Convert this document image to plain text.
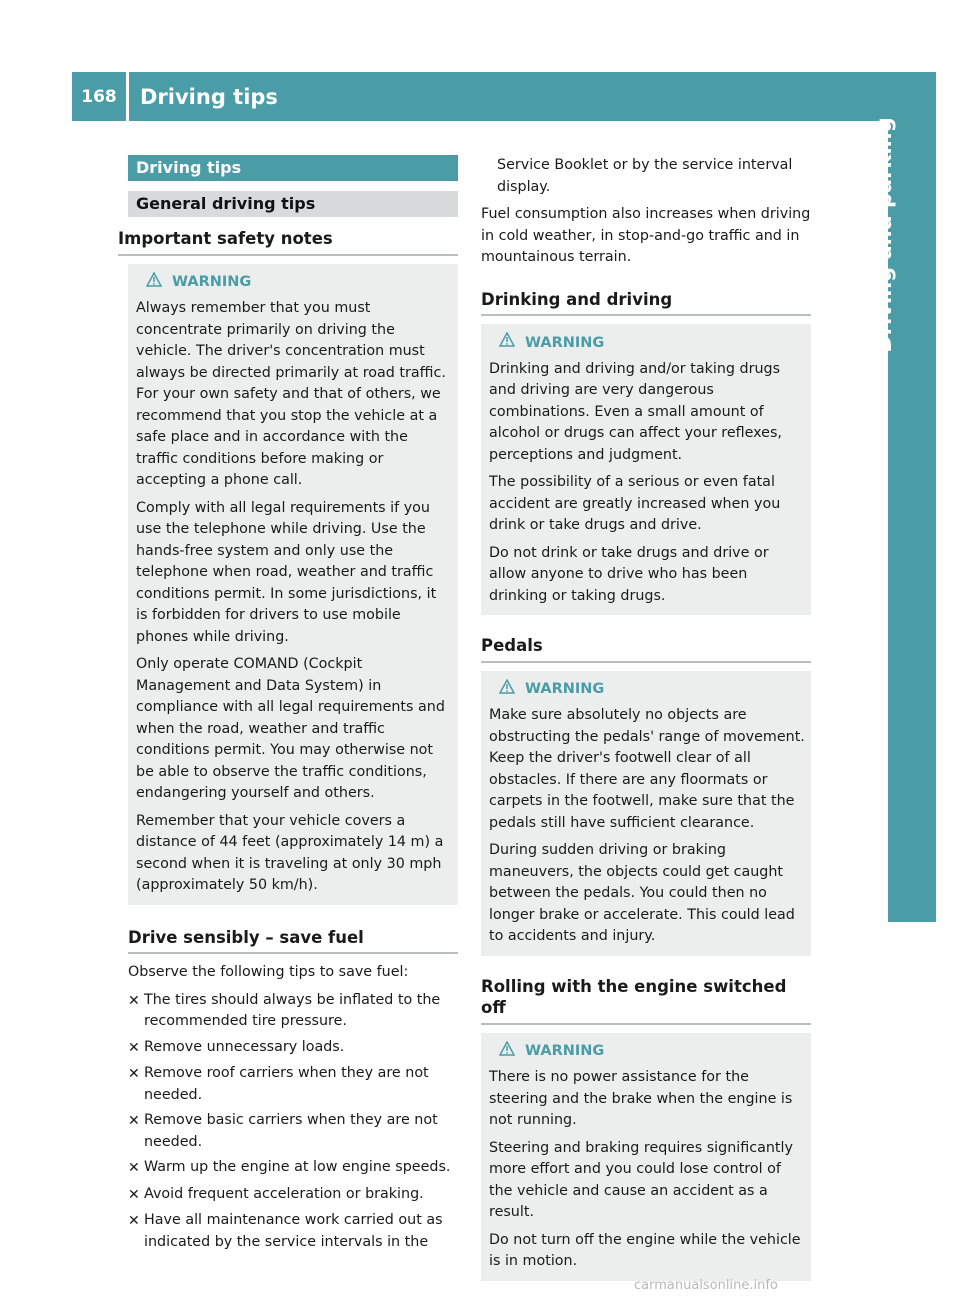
168	Driving tips
Driving and parking
Driving tips
General driving tips
Important safety notes
WARNING

Always remember that you must concentrate primarily on driving the vehicle. The driver's concentration must always be directed primarily at road traffic. For your own safety and that of others, we recommend that you stop the vehicle at a safe place and in accordance with the traffic conditions before making or accepting a phone call.

Comply with all legal requirements if you use the telephone while driving. Use the hands-free system and only use the telephone when road, weather and traffic conditions permit. In some jurisdictions, it is forbidden for drivers to use mobile phones while driving.

Only operate COMAND (Cockpit Management and Data System) in compliance with all legal requirements and when the road, weather and traffic conditions permit. You may otherwise not be able to observe the traffic conditions, endangering yourself and others.

Remember that your vehicle covers a distance of 44 feet (approximately 14 m) a second when it is traveling at only 30 mph (approximately 50 km/h).

Drive sensibly – save fuel

Observe the following tips to save fuel:

✕ The tires should always be inflated to the recommended tire pressure.
✕ Remove unnecessary loads.
✕ Remove roof carriers when they are not needed.
✕ Remove basic carriers when they are not needed.
✕ Warm up the engine at low engine speeds.
✕ Avoid frequent acceleration or braking.
✕ Have all maintenance work carried out as indicated by the service intervals in the

Service Booklet or by the service interval display.

Fuel consumption also increases when driving in cold weather, in stop-and-go traffic and in mountainous terrain.

Drinking and driving
WARNING

Drinking and driving and/or taking drugs and driving are very dangerous combinations. Even a small amount of alcohol or drugs can affect your reflexes, perceptions and judgment.

The possibility of a serious or even fatal accident are greatly increased when you drink or take drugs and drive.

Do not drink or take drugs and drive or allow anyone to drive who has been drinking or taking drugs.

Pedals
WARNING

Make sure absolutely no objects are obstructing the pedals' range of movement. Keep the driver's footwell clear of all obstacles. If there are any floormats or carpets in the footwell, make sure that the pedals still have sufficient clearance.

During sudden driving or braking maneuvers, the objects could get caught between the pedals. You could then no longer brake or accelerate. This could lead to accidents and injury.

Rolling with the engine switched off
WARNING

There is no power assistance for the steering and the brake when the engine is not running.

Steering and braking requires significantly more effort and you could lose control of the vehicle and cause an accident as a result.

Do not turn off the engine while the vehicle is in motion.

carmanualsonline.info
